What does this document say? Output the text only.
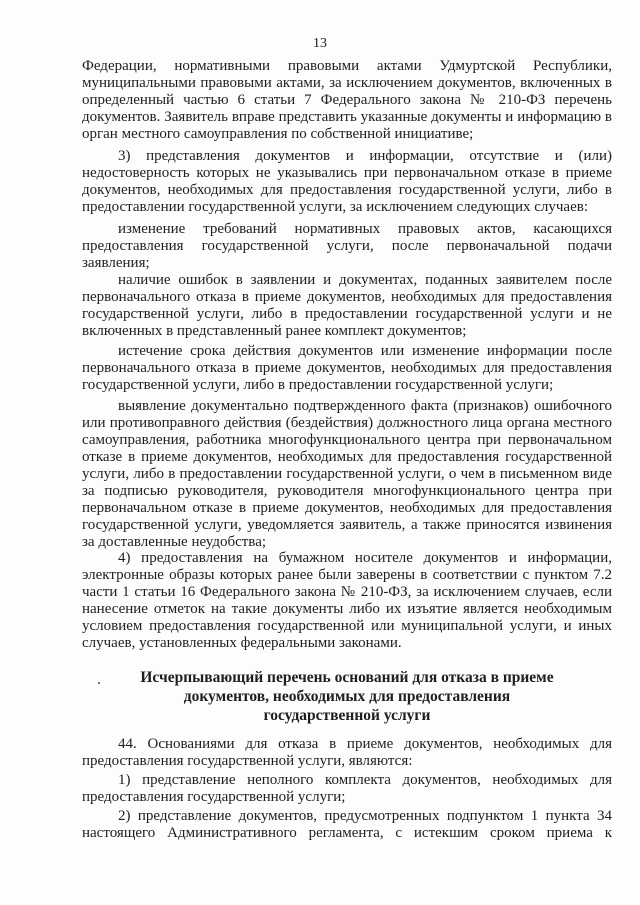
13
Федерации, нормативными правовыми актами Удмуртской Республики,
муниципальными правовыми актами, за исключением документов, включенных в
определенный частью 6 статьи 7 Федерального закона № 210-ФЗ перечень
документов. Заявитель вправе представить указанные документы и информацию в
орган местного самоуправления по собственной инициативе;
3) представления документов и информации, отсутствие и (или)
недостоверность которых не указывались при первоначальном отказе в приеме
документов, необходимых для предоставления государственной услуги, либо в
предоставлении государственной услуги, за исключением следующих случаев:
изменение требований нормативных правовых актов, касающихся
предоставления государственной услуги, после первоначальной подачи
заявления;
наличие ошибок в заявлении и документах, поданных заявителем после
первоначального отказа в приеме документов, необходимых для предоставления
государственной услуги, либо в предоставлении государственной услуги и не
включенных в представленный ранее комплект документов;
истечение срока действия документов или изменение информации после
первоначального отказа в приеме документов, необходимых для предоставления
государственной услуги, либо в предоставлении государственной услуги;
выявление документально подтвержденного факта (признаков) ошибочного
или противоправного действия (бездействия) должностного лица органа местного
самоуправления, работника многофункционального центра при первоначальном
отказе в приеме документов, необходимых для предоставления государственной
услуги, либо в предоставлении государственной услуги, о чем в письменном виде
за подписью руководителя, руководителя многофункционального центра при
первоначальном отказе в приеме документов, необходимых для предоставления
государственной услуги, уведомляется заявитель, а также приносятся извинения
за доставленные неудобства;
4) предоставления на бумажном носителе документов и информации,
электронные образы которых ранее были заверены в соответствии с пунктом 7.2
части 1 статьи 16 Федерального закона № 210-ФЗ, за исключением случаев, если
нанесение отметок на такие документы либо их изъятие является необходимым
условием предоставления государственной или муниципальной услуги, и иных
случаев, установленных федеральными законами.
Исчерпывающий перечень оснований для отказа в приеме
документов, необходимых для предоставления
государственной услуги
44. Основаниями для отказа в приеме документов, необходимых для
предоставления государственной услуги, являются:
1) представление неполного комплекта документов, необходимых для
предоставления государственной услуги;
2) представление документов, предусмотренных подпунктом 1 пункта 34
настоящего Административного регламента, с истекшим сроком приема к
